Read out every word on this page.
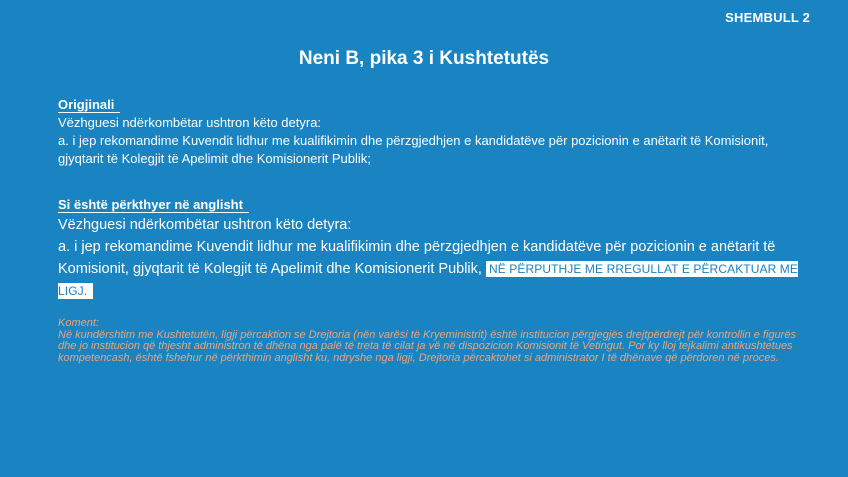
SHEMBULL 2
Neni B, pika 3 i Kushtetutës
Origjinali
Vëzhguesi ndërkombëtar ushtron këto detyra:
a. i jep rekomandime Kuvendit lidhur me kualifikimin dhe përzgjedhjen e kandidatëve për pozicionin e anëtarit të Komisionit, gjyqtarit të Kolegjit të Apelimit dhe Komisionerit Publik;
Si është përkthyer në anglisht
Vëzhguesi ndërkombëtar ushtron këto detyra:
a. i jep rekomandime Kuvendit lidhur me kualifikimin dhe përzgjedhjen e kandidatëve për pozicionin e anëtarit të Komisionit, gjyqtarit të Kolegjit të Apelimit dhe Komisionerit Publik, NË PËRPUTHJE ME RREGULLAT E PËRCAKTUAR ME LIGJ.
Koment:
Në kundërshtim me Kushtetutën, ligji përcaktion se Drejtoria (nën varësi të Kryeministrit) është institucion përgjegjës drejtpërdrejt për kontrollin e figurës dhe jo institucion që thjesht administron të dhëna nga palë të treta të cilat ja vë në dispozicion Komisionit të Vetingut. Por ky lloj tejkalimi antikushtetues kompetencash, është fshehur në përkthimin anglisht ku, ndryshe nga ligji, Drejtoria përcaktohet si administrator I të dhënave që përdoren në proces.
